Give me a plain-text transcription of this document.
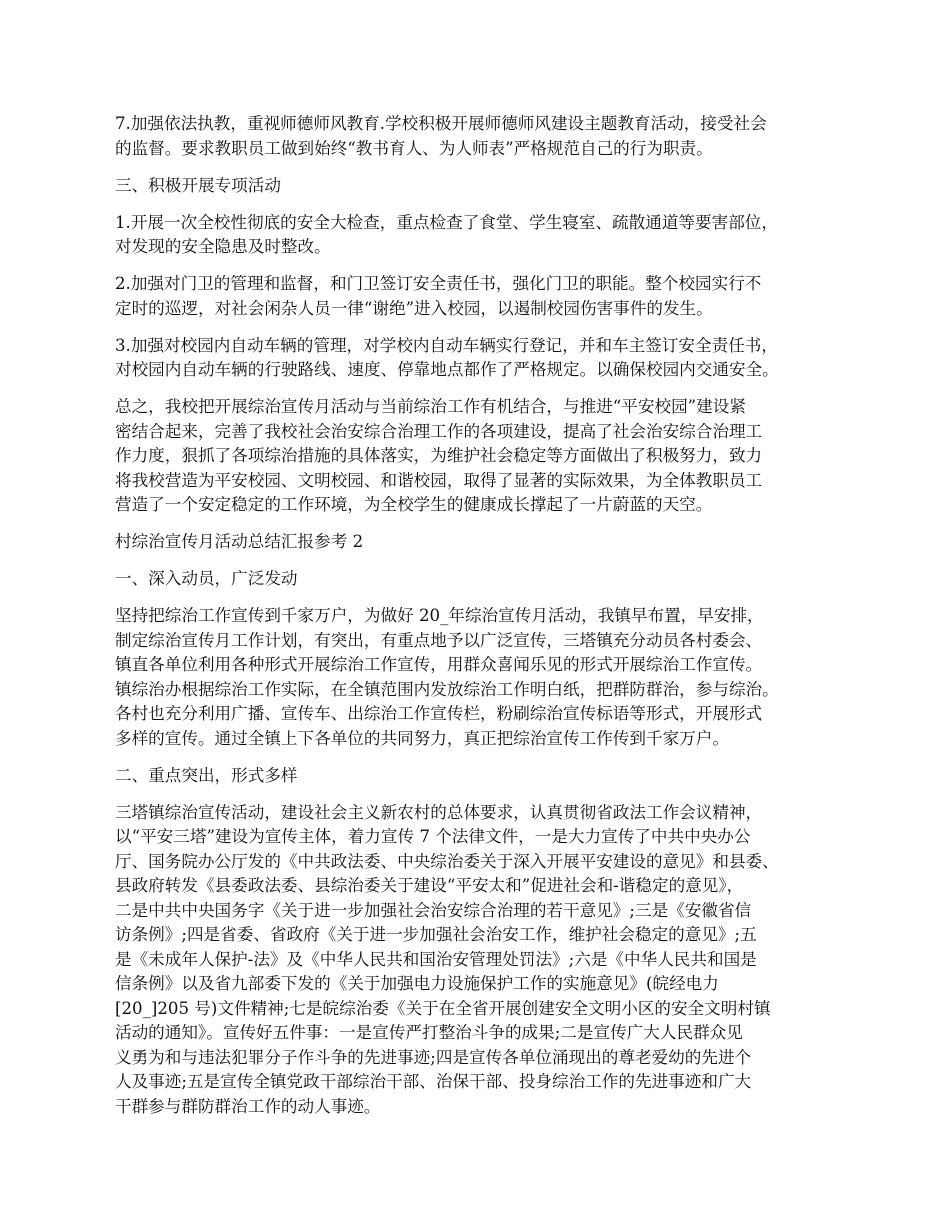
7.加强依法执教，重视师德师风教育.学校积极开展师德师风建设主题教育活动，接受社会
的监督。要求教职员工做到始终“教书育人、为人师表”严格规范自己的行为职责。

三、积极开展专项活动

1.开展一次全校性彻底的安全大检查，重点检查了食堂、学生寝室、疏散通道等要害部位，
对发现的安全隐患及时整改。

2.加强对门卫的管理和监督，和门卫签订安全责任书，强化门卫的职能。整个校园实行不
定时的巡逻，对社会闲杂人员一律“谢绝”进入校园，以遏制校园伤害事件的发生。

3.加强对校园内自动车辆的管理，对学校内自动车辆实行登记，并和车主签订安全责任书，
对校园内自动车辆的行驶路线、速度、停靠地点都作了严格规定。以确保校园内交通安全。

总之，我校把开展综治宣传月活动与当前综治工作有机结合，与推进“平安校园”建设紧
密结合起来，完善了我校社会治安综合治理工作的各项建设，提高了社会治安综合治理工
作力度，狠抓了各项综治措施的具体落实，为维护社会稳定等方面做出了积极努力，致力
将我校营造为平安校园、文明校园、和谐校园，取得了显著的实际效果，为全体教职员工
营造了一个安定稳定的工作环境，为全校学生的健康成长撑起了一片蔚蓝的天空。

村综治宣传月活动总结汇报参考 2

一、深入动员，广泛发动

坚持把综治工作宣传到千家万户，为做好 20_年综治宣传月活动，我镇早布置，早安排，
制定综治宣传月工作计划，有突出，有重点地予以广泛宣传，三塔镇充分动员各村委会、
镇直各单位利用各种形式开展综治工作宣传，用群众喜闻乐见的形式开展综治工作宣传。
镇综治办根据综治工作实际，在全镇范围内发放综治工作明白纸，把群防群治，参与综治。
各村也充分利用广播、宣传车、出综治工作宣传栏，粉刷综治宣传标语等形式，开展形式
多样的宣传。通过全镇上下各单位的共同努力，真正把综治宣传工作传到千家万户。

二、重点突出，形式多样

三塔镇综治宣传活动，建设社会主义新农村的总体要求，认真贯彻省政法工作会议精神，
以“平安三塔”建设为宣传主体，着力宣传 7 个法律文件，一是大力宣传了中共中央办公
厅、国务院办公厅发的《中共政法委、中央综治委关于深入开展平安建设的意见》和县委、
县政府转发《县委政法委、县综治委关于建设“平安太和”促进社会和-谐稳定的意见》，
二是中共中央国务字《关于进一步加强社会治安综合治理的若干意见》;三是《安徽省信
访条例》;四是省委、省政府《关于进一步加强社会治安工作，维护社会稳定的意见》;五
是《未成年人保护-法》及《中华人民共和国治安管理处罚法》;六是《中华人民共和国是
信条例》以及省九部委下发的《关于加强电力设施保护工作的实施意见》(皖经电力
[20_]205 号)文件精神;七是皖综治委《关于在全省开展创建安全文明小区的安全文明村镇
活动的通知》。宣传好五件事：一是宣传严打整治斗争的成果;二是宣传广大人民群众见
义勇为和与违法犯罪分子作斗争的先进事迹;四是宣传各单位涌现出的尊老爱幼的先进个
人及事迹;五是宣传全镇党政干部综治干部、治保干部、投身综治工作的先进事迹和广大
干群参与群防群治工作的动人事迹。
